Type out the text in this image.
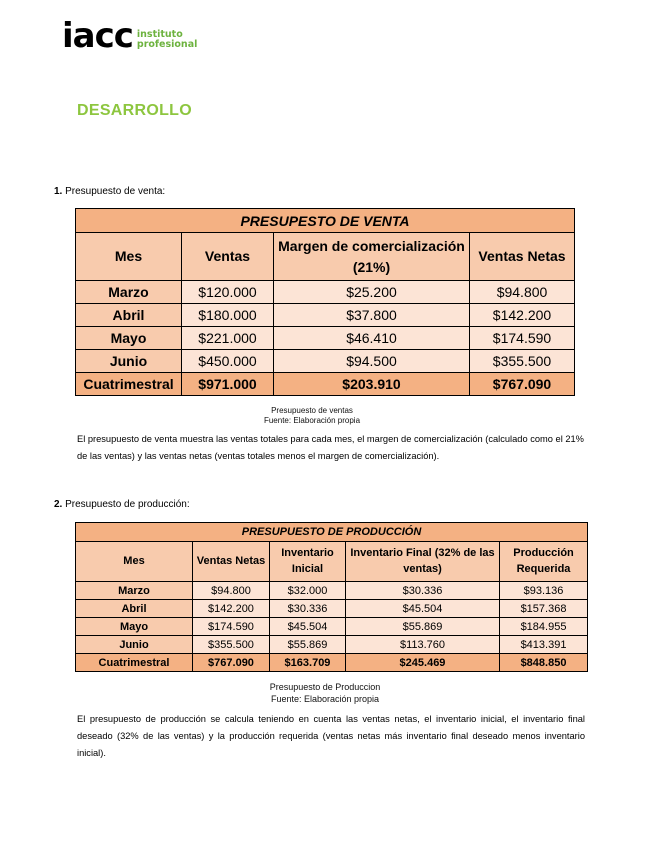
iacc instituto
profesional
DESARROLLO
1. Presupuesto de venta:
PRESUPESTO DE VENTA			
Mes	Ventas	Margen de comercialización (21%)	Ventas Netas
Marzo	$120.000	$25.200	$94.800
Abril	$180.000	$37.800	$142.200
Mayo	$221.000	$46.410	$174.590
Junio	$450.000	$94.500	$355.500
Cuatrimestral	$971.000	$203.910	$767.090
Presupuesto de ventas
Fuente: Elaboración propia
El presupuesto de venta muestra las ventas totales para cada mes, el margen de comercialización (calculado como el 21% de las ventas) y las ventas netas (ventas totales menos el margen de comercialización).
2. Presupuesto de producción:
PRESUPUESTO DE PRODUCCIÓN				
Mes	Ventas Netas	Inventario Inicial	Inventario Final (32% de las ventas)	Producción Requerida
Marzo	$94.800	$32.000	$30.336	$93.136
Abril	$142.200	$30.336	$45.504	$157.368
Mayo	$174.590	$45.504	$55.869	$184.955
Junio	$355.500	$55.869	$113.760	$413.391
Cuatrimestral	$767.090	$163.709	$245.469	$848.850
Presupuesto de Produccion
Fuente: Elaboración propia
El presupuesto de producción se calcula teniendo en cuenta las ventas netas, el inventario inicial, el inventario final deseado (32% de las ventas) y la producción requerida (ventas netas más inventario final deseado menos inventario inicial).
